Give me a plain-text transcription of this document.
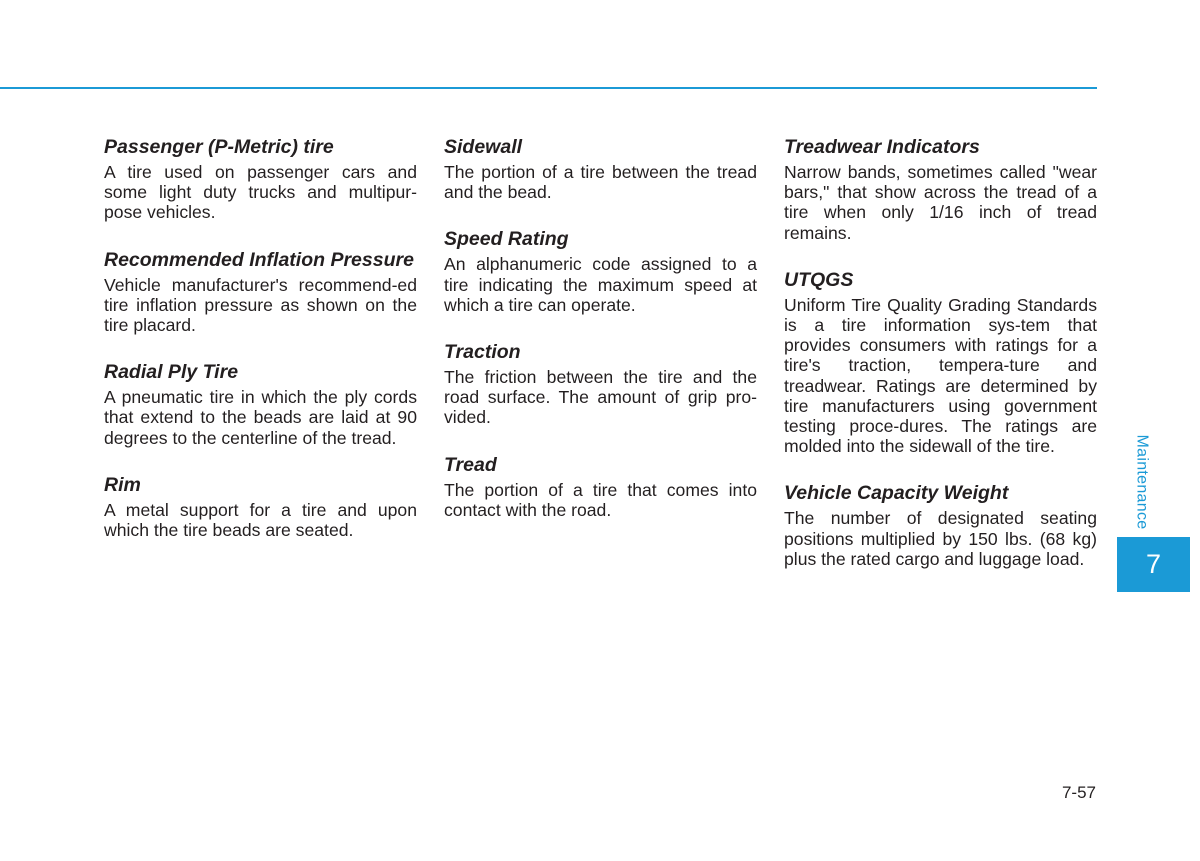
Passenger (P-Metric) tire

A tire used on passenger cars and some light duty trucks and multipur-pose vehicles.

Recommended Inflation Pressure

Vehicle manufacturer's recommend-ed tire inflation pressure as shown on the tire placard.

Radial Ply Tire

A pneumatic tire in which the ply cords that extend to the beads are laid at 90 degrees to the centerline of the tread.

Rim

A metal support for a tire and upon which the tire beads are seated.

Sidewall

The portion of a tire between the tread and the bead.

Speed Rating

An alphanumeric code assigned to a tire indicating the maximum speed at which a tire can operate.

Traction

The friction between the tire and the road surface. The amount of grip pro-vided.

Tread

The portion of a tire that comes into contact with the road.

Treadwear Indicators

Narrow bands, sometimes called "wear bars," that show across the tread of a tire when only 1/16 inch of tread remains.

UTQGS

Uniform Tire Quality Grading Standards is a tire information sys-tem that provides consumers with ratings for a tire's traction, tempera-ture and treadwear. Ratings are determined by tire manufacturers using government testing proce-dures. The ratings are molded into the sidewall of the tire.

Vehicle Capacity Weight

The number of designated seating positions multiplied by 150 lbs. (68 kg) plus the rated cargo and luggage load.

Maintenance
7
7-57
